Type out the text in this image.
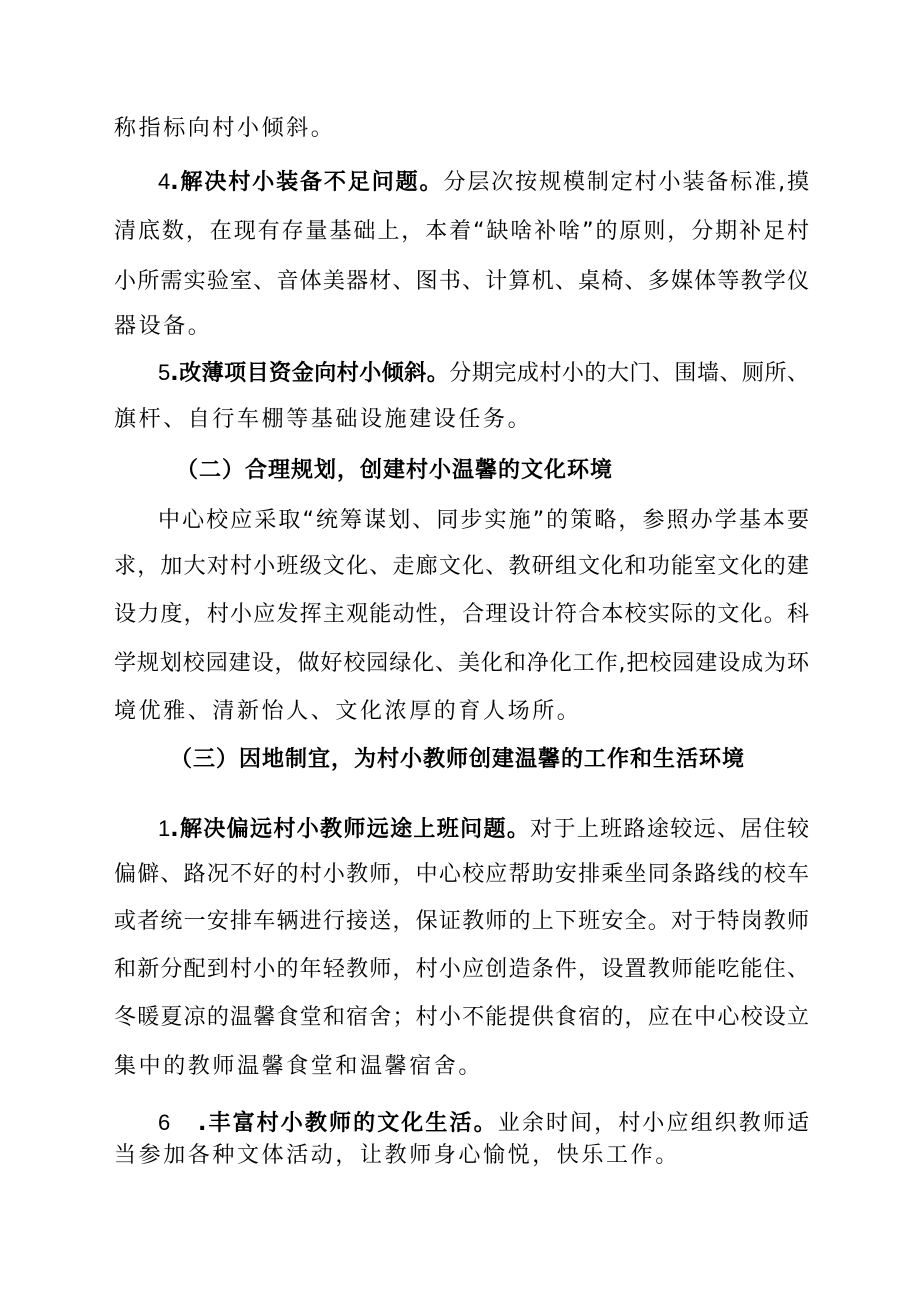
称指标向村小倾斜。
4.解决村小装备不足问题。分层次按规模制定村小装备标准,摸
清底数，在现有存量基础上，本着“缺啥补啥”的原则，分期补足村
小所需实验室、音体美器材、图书、计算机、桌椅、多媒体等教学仪
器设备。
5.改薄项目资金向村小倾斜。分期完成村小的大门、围墙、厕所、
旗杆、自行车棚等基础设施建设任务。
（二）合理规划，创建村小温馨的文化环境
中心校应采取“统筹谋划、同步实施”的策略，参照办学基本要
求，加大对村小班级文化、走廊文化、教研组文化和功能室文化的建
设力度，村小应发挥主观能动性，合理设计符合本校实际的文化。科
学规划校园建设，做好校园绿化、美化和净化工作,把校园建设成为环
境优雅、清新怡人、文化浓厚的育人场所。
（三）因地制宜，为村小教师创建温馨的工作和生活环境
1.解决偏远村小教师远途上班问题。对于上班路途较远、居住较
偏僻、路况不好的村小教师，中心校应帮助安排乘坐同条路线的校车
或者统一安排车辆进行接送，保证教师的上下班安全。对于特岗教师
和新分配到村小的年轻教师，村小应创造条件，设置教师能吃能住、
冬暖夏凉的温馨食堂和宿舍；村小不能提供食宿的，应在中心校设立
集中的教师温馨食堂和温馨宿舍。
6 .丰富村小教师的文化生活。业余时间，村小应组织教师适
当参加各种文体活动，让教师身心愉悦，快乐工作。
